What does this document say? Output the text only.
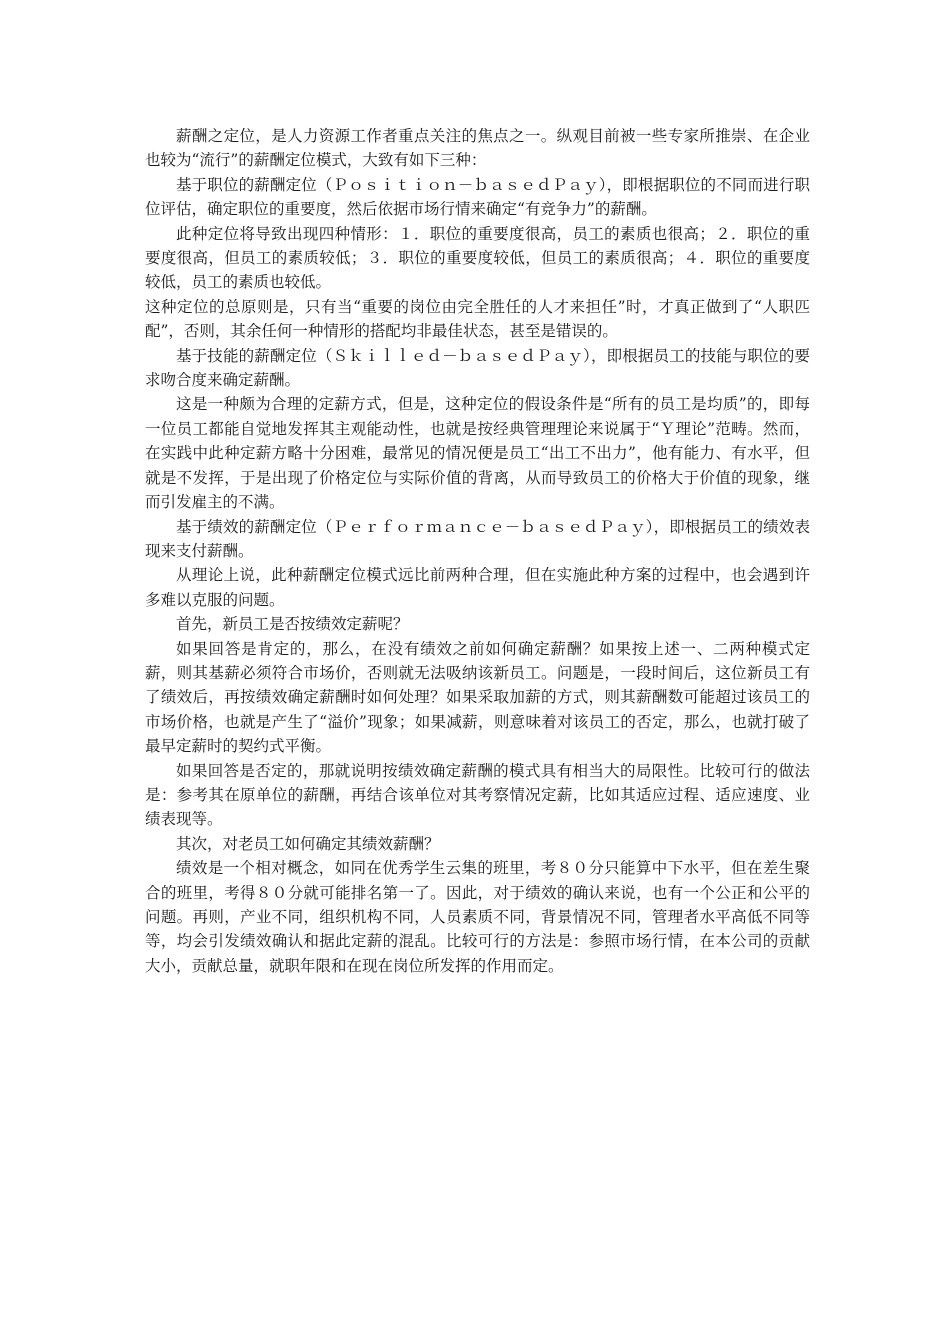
薪酬之定位，是人力资源工作者重点关注的焦点之一。纵观目前被一些专家所推崇、在企业也较为“流行”的薪酬定位模式，大致有如下三种：

基于职位的薪酬定位（Ｐｏｓｉｔｉｏｎ－ｂａｓｅｄＰａｙ），即根据职位的不同而进行职位评估，确定职位的重要度，然后依据市场行情来确定“有竞争力”的薪酬。

此种定位将导致出现四种情形：１．职位的重要度很高，员工的素质也很高；２．职位的重要度很高，但员工的素质较低；３．职位的重要度较低，但员工的素质很高；４．职位的重要度较低，员工的素质也较低。

这种定位的总原则是，只有当“重要的岗位由完全胜任的人才来担任”时，才真正做到了“人职匹配”，否则，其余任何一种情形的搭配均非最佳状态，甚至是错误的。

基于技能的薪酬定位（Ｓｋｉｌｌｅｄ－ｂａｓｅｄＰａｙ），即根据员工的技能与职位的要求吻合度来确定薪酬。

这是一种颇为合理的定薪方式，但是，这种定位的假设条件是“所有的员工是均质”的，即每一位员工都能自觉地发挥其主观能动性，也就是按经典管理理论来说属于“Ｙ理论”范畴。然而，在实践中此种定薪方略十分困难，最常见的情况便是员工“出工不出力”，他有能力、有水平，但就是不发挥，于是出现了价格定位与实际价值的背离，从而导致员工的价格大于价值的现象，继而引发雇主的不满。

基于绩效的薪酬定位（Ｐｅｒｆｏｒｍａｎｃｅ－ｂａｓｅｄＰａｙ），即根据员工的绩效表现来支付薪酬。

从理论上说，此种薪酬定位模式远比前两种合理，但在实施此种方案的过程中，也会遇到许多难以克服的问题。

首先，新员工是否按绩效定薪呢？

如果回答是肯定的，那么，在没有绩效之前如何确定薪酬？如果按上述一、二两种模式定薪，则其基薪必须符合市场价，否则就无法吸纳该新员工。问题是，一段时间后，这位新员工有了绩效后，再按绩效确定薪酬时如何处理？如果采取加薪的方式，则其薪酬数可能超过该员工的市场价格，也就是产生了“溢价”现象；如果减薪，则意味着对该员工的否定，那么，也就打破了最早定薪时的契约式平衡。

如果回答是否定的，那就说明按绩效确定薪酬的模式具有相当大的局限性。比较可行的做法是：参考其在原单位的薪酬，再结合该单位对其考察情况定薪，比如其适应过程、适应速度、业绩表现等。

其次，对老员工如何确定其绩效薪酬？

绩效是一个相对概念，如同在优秀学生云集的班里，考８０分只能算中下水平，但在差生聚合的班里，考得８０分就可能排名第一了。因此，对于绩效的确认来说，也有一个公正和公平的问题。再则，产业不同，组织机构不同，人员素质不同，背景情况不同，管理者水平高低不同等等，均会引发绩效确认和据此定薪的混乱。比较可行的方法是：参照市场行情，在本公司的贡献大小，贡献总量，就职年限和在现在岗位所发挥的作用而定。
